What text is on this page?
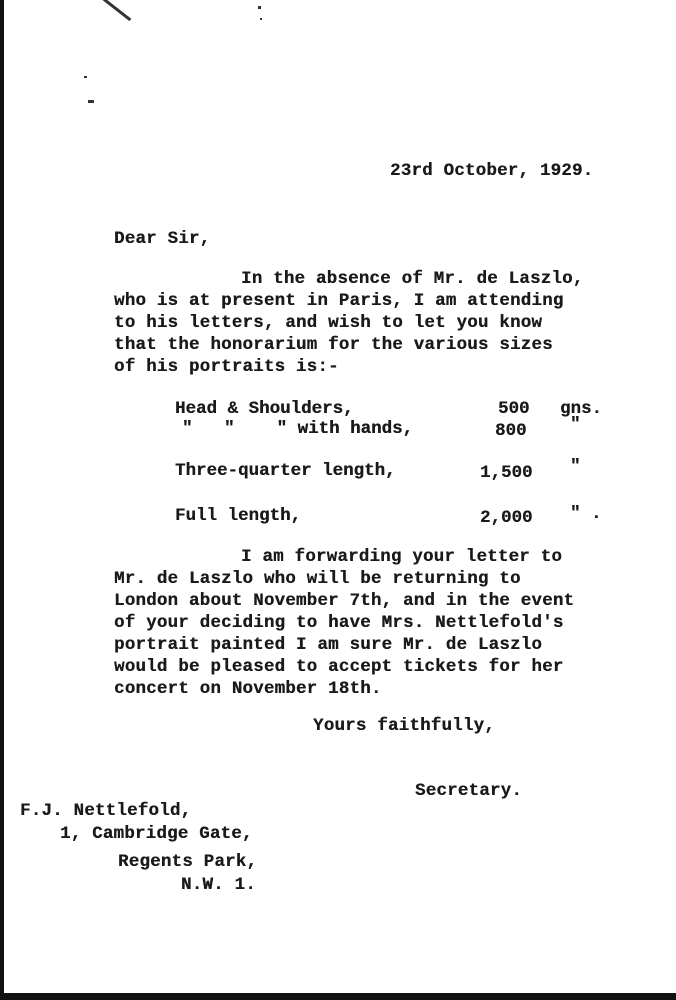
23rd October, 1929.

Dear Sir,

In the absence of Mr. de Laszlo,

who is at present in Paris, I am attending

to his letters, and wish to let you know

that the honorarium for the various sizes

of his portraits is:-

Head & Shoulders,	500 gns.

"   "    " with hands,	800 "

Three-quarter length,	1,500 "

Full length,	2,000 " .

I am forwarding your letter to

Mr. de Laszlo who will be returning to

London about November 7th, and in the event

of your deciding to have Mrs. Nettlefold's

portrait painted I am sure Mr. de Laszlo

would be pleased to accept tickets for her

concert on November 18th.

Yours faithfully,

Secretary.

F.J. Nettlefold,

1, Cambridge Gate,

Regents Park,

N.W. 1.
